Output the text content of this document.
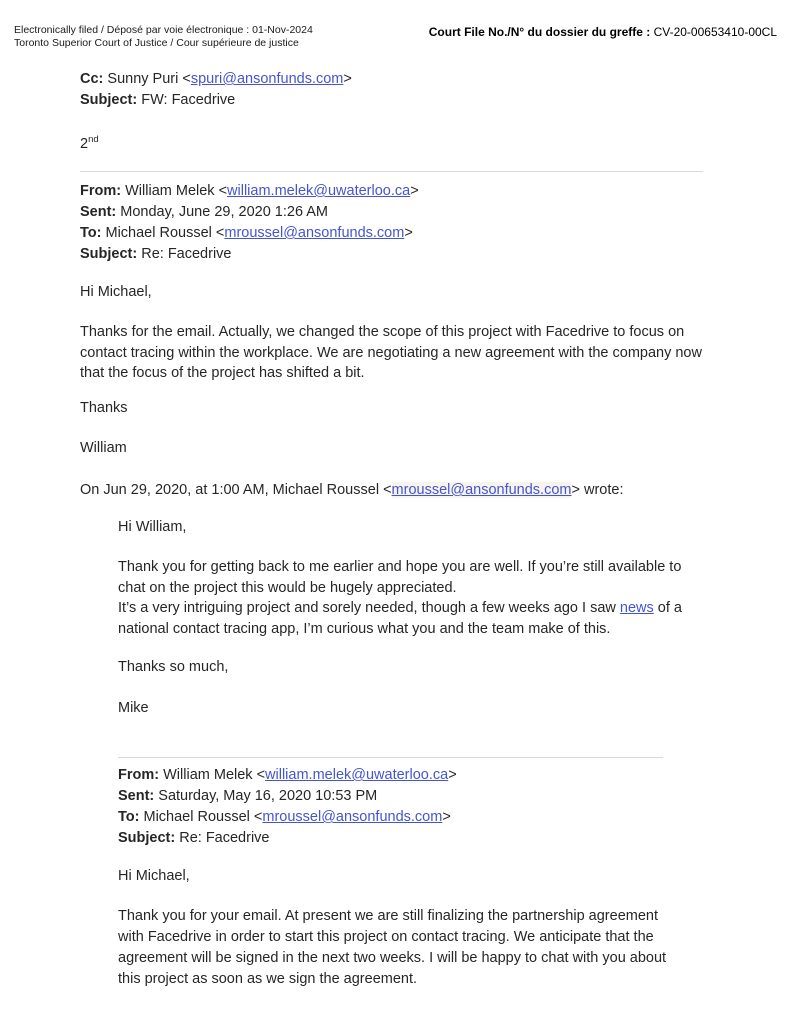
Electronically filed / Déposé par voie électronique : 01-Nov-2024
Toronto Superior Court of Justice / Cour supérieure de justice
Court File No./N° du dossier du greffe : CV-20-00653410-00CL
Cc: Sunny Puri <spuri@ansonfunds.com>
Subject: FW: Facedrive
2nd
From: William Melek <william.melek@uwaterloo.ca>
Sent: Monday, June 29, 2020 1:26 AM
To: Michael Roussel <mroussel@ansonfunds.com>
Subject: Re: Facedrive
Hi Michael,
Thanks for the email. Actually, we changed the scope of this project with Facedrive to focus on
contact tracing within the workplace. We are negotiating a new agreement with the company now
that the focus of the project has shifted a bit.
Thanks
William
On Jun 29, 2020, at 1:00 AM, Michael Roussel <mroussel@ansonfunds.com> wrote:
Hi William,
Thank you for getting back to me earlier and hope you are well. If you’re still available to
chat on the project this would be hugely appreciated.
It’s a very intriguing project and sorely needed, though a few weeks ago I saw news of a
national contact tracing app, I’m curious what you and the team make of this.
Thanks so much,
Mike
From: William Melek <william.melek@uwaterloo.ca>
Sent: Saturday, May 16, 2020 10:53 PM
To: Michael Roussel <mroussel@ansonfunds.com>
Subject: Re: Facedrive
Hi Michael,
Thank you for your email. At present we are still finalizing the partnership agreement
with Facedrive in order to start this project on contact tracing. We anticipate that the
agreement will be signed in the next two weeks. I will be happy to chat with you about
this project as soon as we sign the agreement.
